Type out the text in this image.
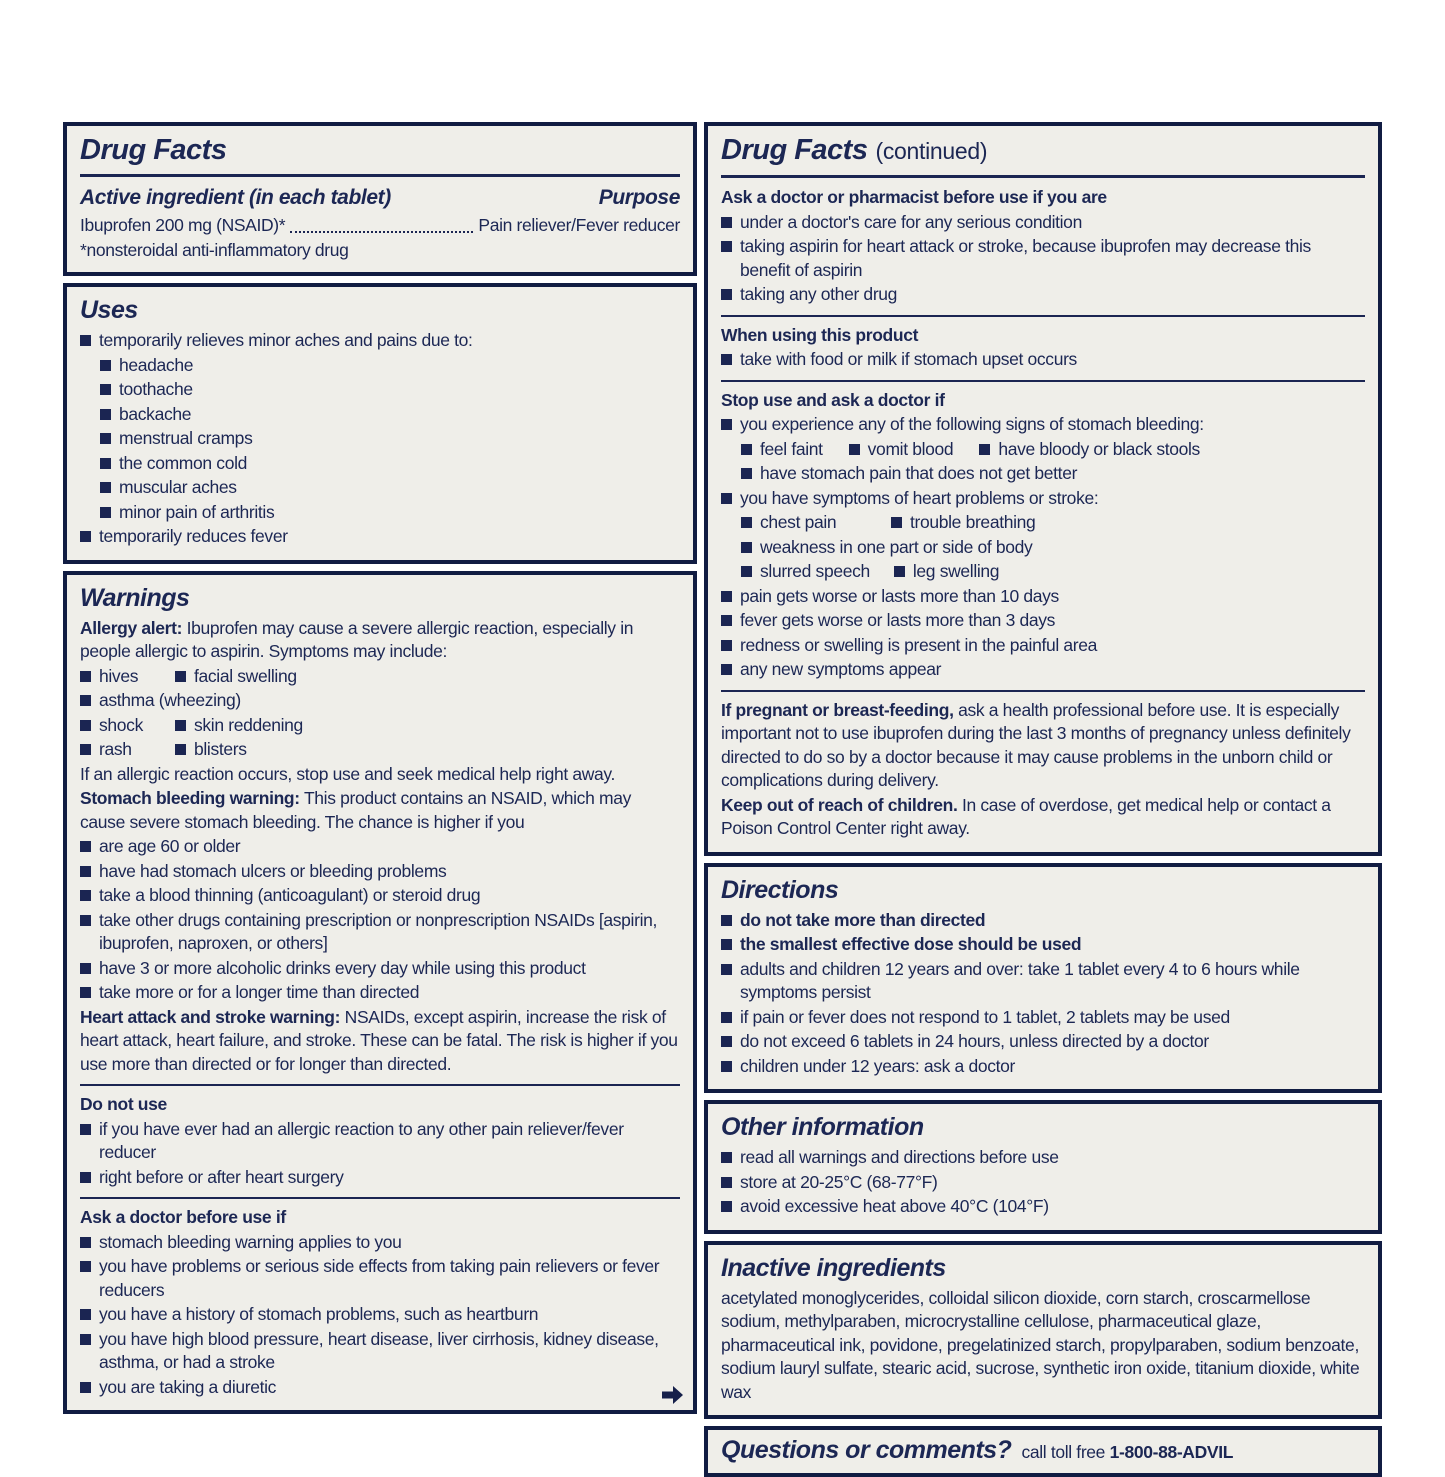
Drug Facts
Active ingredient (in each tablet)	Purpose
Ibuprofen 200 mg (NSAID)*	Pain reliever/Fever reducer
*nonsteroidal anti-inflammatory drug
Uses
temporarily relieves minor aches and pains due to:
headache
toothache
backache
menstrual cramps
the common cold
muscular aches
minor pain of arthritis
temporarily reduces fever
Warnings
Allergy alert: Ibuprofen may cause a severe allergic reaction, especially in people allergic to aspirin. Symptoms may include:
hives	facial swelling
asthma (wheezing)
shock	skin reddening
rash	blisters
If an allergic reaction occurs, stop use and seek medical help right away.
Stomach bleeding warning: This product contains an NSAID, which may cause severe stomach bleeding. The chance is higher if you
are age 60 or older
have had stomach ulcers or bleeding problems
take a blood thinning (anticoagulant) or steroid drug
take other drugs containing prescription or nonprescription NSAIDs [aspirin, ibuprofen, naproxen, or others]
have 3 or more alcoholic drinks every day while using this product
take more or for a longer time than directed
Heart attack and stroke warning: NSAIDs, except aspirin, increase the risk of heart attack, heart failure, and stroke. These can be fatal. The risk is higher if you use more than directed or for longer than directed.
Do not use
if you have ever had an allergic reaction to any other pain reliever/fever reducer
right before or after heart surgery
Ask a doctor before use if
stomach bleeding warning applies to you
you have problems or serious side effects from taking pain relievers or fever reducers
you have a history of stomach problems, such as heartburn
you have high blood pressure, heart disease, liver cirrhosis, kidney disease, asthma, or had a stroke
you are taking a diuretic
Drug Facts (continued)
Ask a doctor or pharmacist before use if you are
under a doctor's care for any serious condition
taking aspirin for heart attack or stroke, because ibuprofen may decrease this benefit of aspirin
taking any other drug
When using this product
take with food or milk if stomach upset occurs
Stop use and ask a doctor if
you experience any of the following signs of stomach bleeding:
feel faint	vomit blood	have bloody or black stools
have stomach pain that does not get better
you have symptoms of heart problems or stroke:
chest pain	trouble breathing
weakness in one part or side of body
slurred speech leg swelling
pain gets worse or lasts more than 10 days
fever gets worse or lasts more than 3 days
redness or swelling is present in the painful area
any new symptoms appear
If pregnant or breast-feeding, ask a health professional before use. It is especially important not to use ibuprofen during the last 3 months of pregnancy unless definitely directed to do so by a doctor because it may cause problems in the unborn child or complications during delivery.
Keep out of reach of children. In case of overdose, get medical help or contact a Poison Control Center right away.
Directions
do not take more than directed
the smallest effective dose should be used
adults and children 12 years and over: take 1 tablet every 4 to 6 hours while symptoms persist
if pain or fever does not respond to 1 tablet, 2 tablets may be used
do not exceed 6 tablets in 24 hours, unless directed by a doctor
children under 12 years: ask a doctor
Other information
read all warnings and directions before use
store at 20-25°C (68-77°F)
avoid excessive heat above 40°C (104°F)
Inactive ingredients
acetylated monoglycerides, colloidal silicon dioxide, corn starch, croscarmellose sodium, methylparaben, microcrystalline cellulose, pharmaceutical glaze, pharmaceutical ink, povidone, pregelatinized starch, propylparaben, sodium benzoate, sodium lauryl sulfate, stearic acid, sucrose, synthetic iron oxide, titanium dioxide, white wax
Questions or comments? call toll free 1-800-88-ADVIL
